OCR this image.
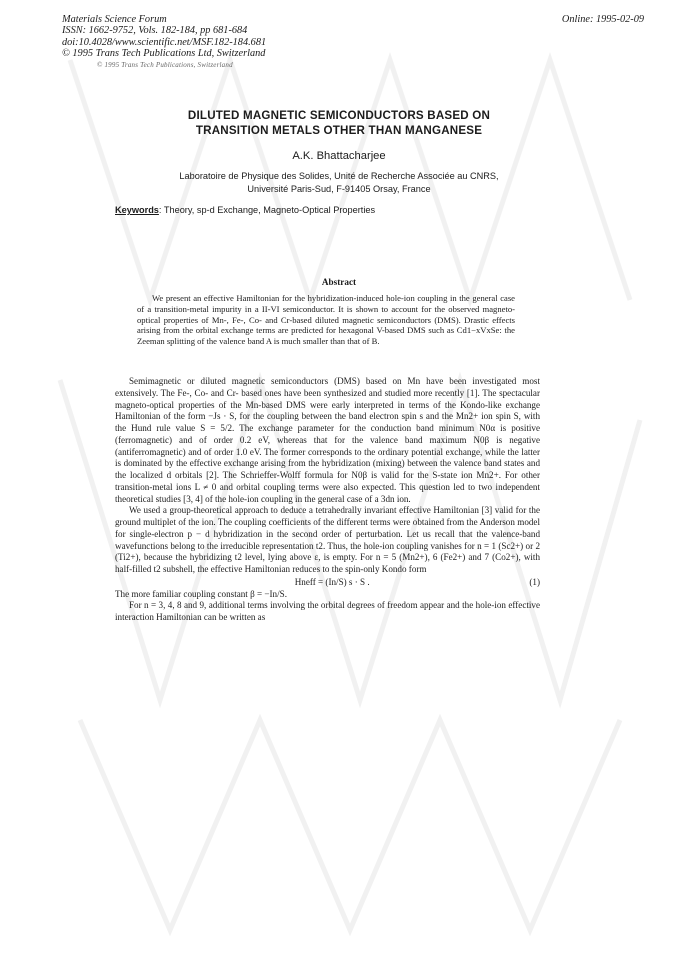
Materials Science Forum
ISSN: 1662-9752, Vols. 182-184, pp 681-684
doi:10.4028/www.scientific.net/MSF.182-184.681
© 1995 Trans Tech Publications Ltd, Switzerland
Online: 1995-02-09
© 1995 Trans Tech Publications, Switzerland
DILUTED MAGNETIC SEMICONDUCTORS BASED ON
TRANSITION METALS OTHER THAN MANGANESE
A.K. Bhattacharjee
Laboratoire de Physique des Solides, Unité de Recherche Associée au CNRS,
Université Paris-Sud, F-91405 Orsay, France
Keywords: Theory, sp-d Exchange, Magneto-Optical Properties
Abstract

We present an effective Hamiltonian for the hybridization-induced hole-ion coupling in the general case of a transition-metal impurity in a II-VI semiconductor. It is shown to account for the observed magneto-optical properties of Mn-, Fe-, Co- and Cr-based diluted magnetic semiconductors (DMS). Drastic effects arising from the orbital exchange terms are predicted for hexagonal V-based DMS such as Cd1−xVxSe: the Zeeman splitting of the valence band A is much smaller than that of B.

Semimagnetic or diluted magnetic semiconductors (DMS) based on Mn have been investigated most extensively. The Fe-, Co- and Cr- based ones have been synthesized and studied more recently [1]. The spectacular magneto-optical properties of the Mn-based DMS were early interpreted in terms of the Kondo-like exchange Hamiltonian of the form −Js · S, for the coupling between the band electron spin s and the Mn2+ ion spin S, with the Hund rule value S = 5/2. The exchange parameter for the conduction band minimum N0α is positive (ferromagnetic) and of order 0.2 eV, whereas that for the valence band maximum N0β is negative (antiferromagnetic) and of order 1.0 eV. The former corresponds to the ordinary potential exchange, while the latter is dominated by the effective exchange arising from the hybridization (mixing) between the valence band states and the localized d orbitals [2]. The Schrieffer-Wolff formula for N0β is valid for the S-state ion Mn2+. For other transition-metal ions L ≠ 0 and orbital coupling terms were also expected. This question led to two independent theoretical studies [3, 4] of the hole-ion coupling in the general case of a 3dn ion.

We used a group-theoretical approach to deduce a tetrahedrally invariant effective Hamiltonian [3] valid for the ground multiplet of the ion. The coupling coefficients of the different terms were obtained from the Anderson model for single-electron p − d hybridization in the second order of perturbation. Let us recall that the valence-band wavefunctions belong to the irreducible representation t2. Thus, the hole-ion coupling vanishes for n = 1 (Sc2+) or 2 (Ti2+), because the hybridizing t2 level, lying above ε, is empty. For n = 5 (Mn2+), 6 (Fe2+) and 7 (Co2+), with half-filled t2 subshell, the effective Hamiltonian reduces to the spin-only Kondo form

Hneff = (In/S) s · S .	(1)

The more familiar coupling constant β = −In/S.

For n = 3, 4, 8 and 9, additional terms involving the orbital degrees of freedom appear and the hole-ion effective interaction Hamiltonian can be written as
